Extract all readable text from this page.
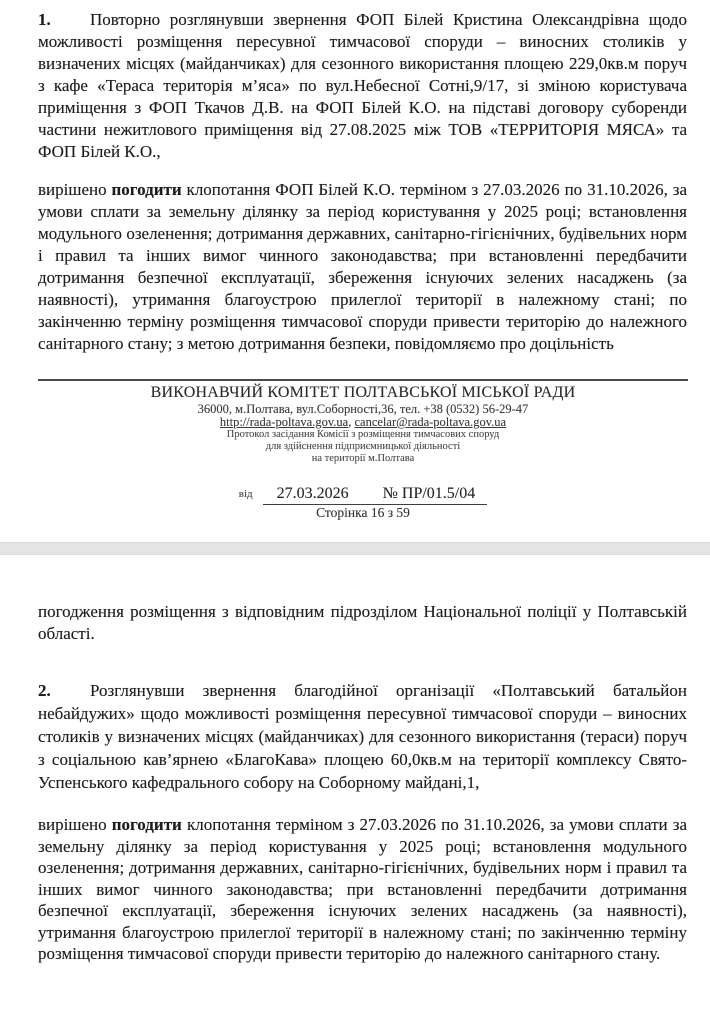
1. Повторно розглянувши звернення ФОП Білей Кристина Олександрівна щодо можливості розміщення пересувної тимчасової споруди – виносних столиків у визначених місцях (майданчиках) для сезонного використання площею 229,0кв.м поруч з кафе «Тераса територія м’яса» по вул.Небесної Сотні,9/17, зі зміною користувача приміщення з ФОП Ткачов Д.В. на ФОП Білей К.О. на підставі договору суборенди частини нежитлового приміщення від 27.08.2025 між ТОВ «ТЕРРИТОРІЯ МЯСА» та ФОП Білей К.О.,

вирішено погодити клопотання ФОП Білей К.О. терміном з 27.03.2026 по 31.10.2026, за умови сплати за земельну ділянку за період користування у 2025 році; встановлення модульного озеленення; дотримання державних, санітарно-гігієнічних, будівельних норм і правил та інших вимог чинного законодавства; при встановленні передбачити дотримання безпечної експлуатації, збереження існуючих зелених насаджень (за наявності), утримання благоустрою прилеглої території в належному стані; по закінченню терміну розміщення тимчасової споруди привести територію до належного санітарного стану; з метою дотримання безпеки, повідомляємо про доцільність

ВИКОНАВЧИЙ КОМІТЕТ ПОЛТАВСЬКОЇ МІСЬКОЇ РАДИ
36000, м.Полтава, вул.Соборності,36, тел. +38 (0532) 56-29-47
http://rada-poltava.gov.ua, cancelar@rada-poltava.gov.ua
Протокол засідання Комісії з розміщення тимчасових споруд
для здійснення підприємницької діяльності
на території м.Полтава
від 27.03.2026 № ПР/01.5/04
Сторінка 16 з 59

погодження розміщення з відповідним підрозділом Національної поліції у Полтавській області.

2. Розглянувши звернення благодійної організації «Полтавський батальйон небайдужих» щодо можливості розміщення пересувної тимчасової споруди – виносних столиків у визначених місцях (майданчиках) для сезонного використання (тераси) поруч з соціальною кав’ярнею «БлагоКава» площею 60,0кв.м на території комплексу Свято-Успенського кафедрального собору на Соборному майдані,1,

вирішено погодити клопотання терміном з 27.03.2026 по 31.10.2026, за умови сплати за земельну ділянку за період користування у 2025 році; встановлення модульного озеленення; дотримання державних, санітарно-гігієнічних, будівельних норм і правил та інших вимог чинного законодавства; при встановленні передбачити дотримання безпечної експлуатації, збереження існуючих зелених насаджень (за наявності), утримання благоустрою прилеглої території в належному стані; по закінченню терміну розміщення тимчасової споруди привести територію до належного санітарного стану.
